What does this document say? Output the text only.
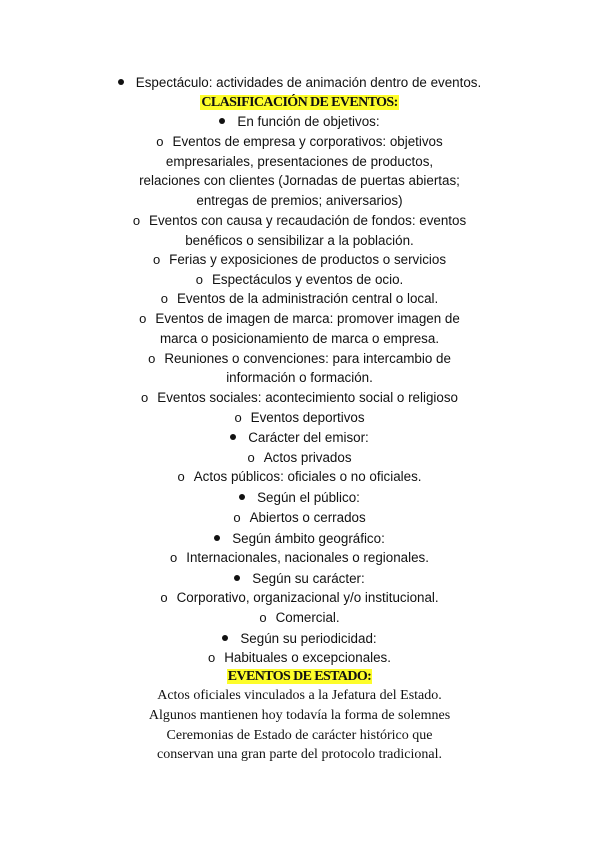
Espectáculo: actividades de animación dentro de eventos.
CLASIFICACIÓN DE EVENTOS:
En función de objetivos:
o Eventos de empresa y corporativos: objetivos
empresariales, presentaciones de productos,
relaciones con clientes (Jornadas de puertas abiertas;
entregas de premios; aniversarios)
o Eventos con causa y recaudación de fondos: eventos
benéficos o sensibilizar a la población.
o Ferias y exposiciones de productos o servicios
o Espectáculos y eventos de ocio.
o Eventos de la administración central o local.
o Eventos de imagen de marca: promover imagen de
marca o posicionamiento de marca o empresa.
o Reuniones o convenciones: para intercambio de
información o formación.
o Eventos sociales: acontecimiento social o religioso
o Eventos deportivos
Carácter del emisor:
o Actos privados
o Actos públicos: oficiales o no oficiales.
Según el público:
o Abiertos o cerrados
Según ámbito geográfico:
o Internacionales, nacionales o regionales.
Según su carácter:
o Corporativo, organizacional y/o institucional.
o Comercial.
Según su periodicidad:
o Habituales o excepcionales.
EVENTOS DE ESTADO:
Actos oficiales vinculados a la Jefatura del Estado.
Algunos mantienen hoy todavía la forma de solemnes
Ceremonias de Estado de carácter histórico que
conservan una gran parte del protocolo tradicional.
